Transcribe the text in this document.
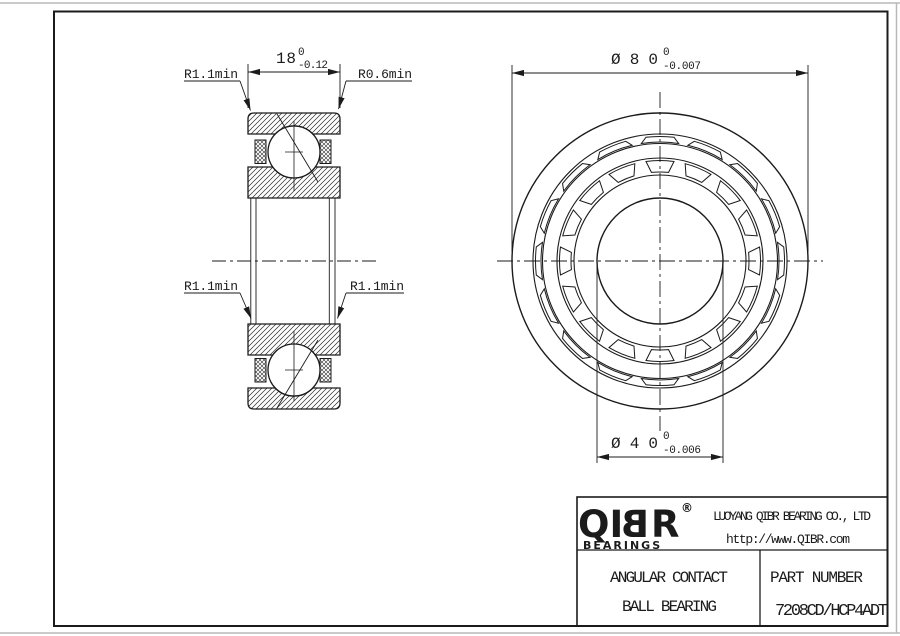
18 0
-0.12
R1.1min	R0.6min
R1.1min	R1.1min
Ø80 0
-0.007
Ø40 0
-0.006
QI
B R ®
BEARINGS
LUOYANG QIBR BEARING CO., LTD
http://www.QIBR.com
ANGULAR CONTACT
BALL BEARING
PART NUMBER
7208CD/HCP4ADT
